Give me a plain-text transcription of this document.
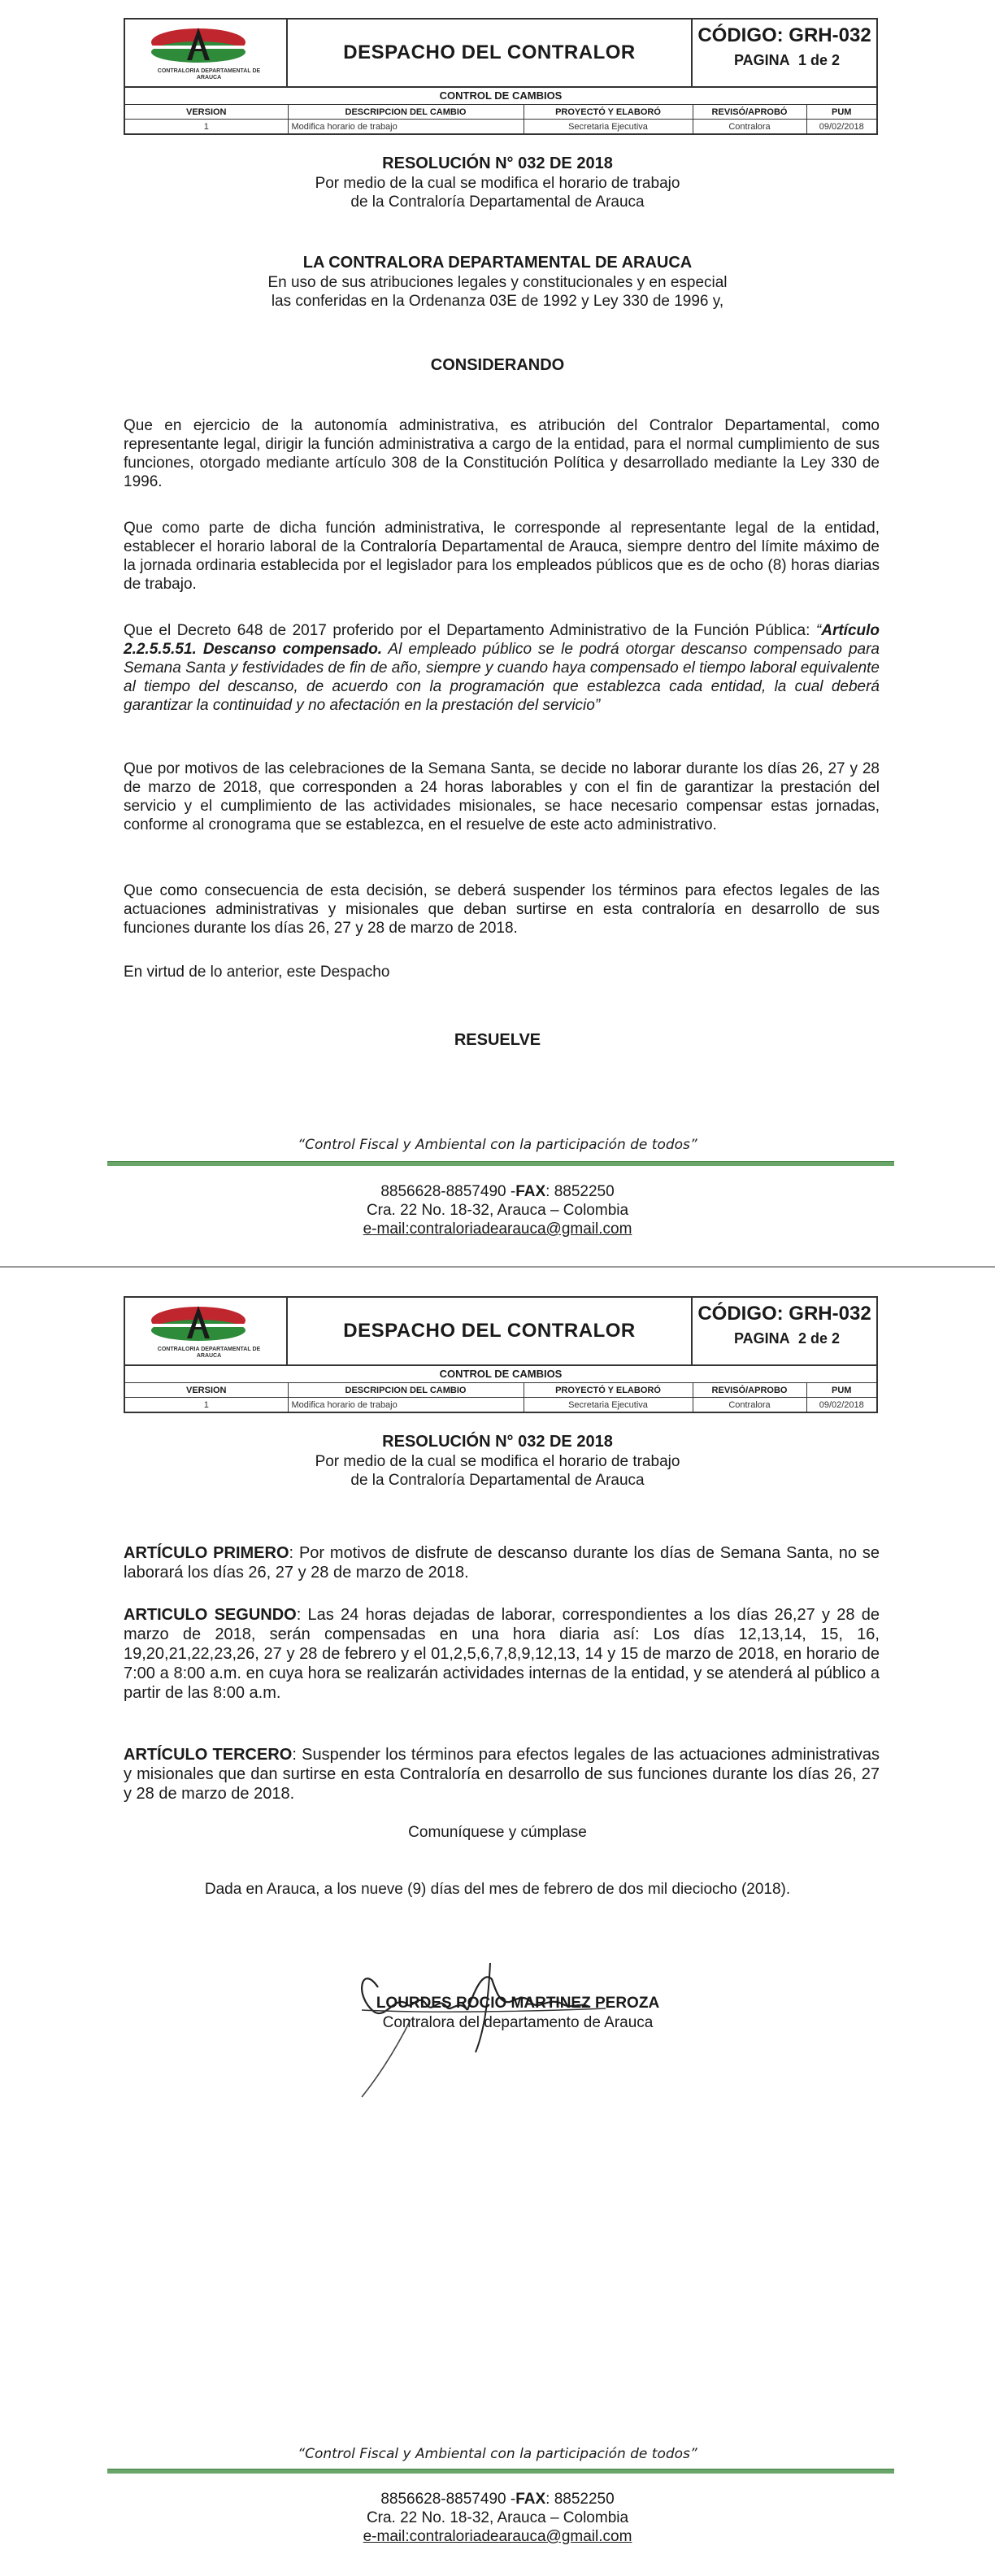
CONTRALORIA DEPARTAMENTAL DE ARAUCA
DESPACHO DEL CONTRALOR
CÓDIGO: GRH-032
PAGINA 1 de 2
CONTROL DE CAMBIOS
VERSION	DESCRIPCION DEL CAMBIO	PROYECTÓ Y ELABORÓ	REVISÓ/APROBÓ	PUM
1	Modifica horario de trabajo	Secretaria Ejecutiva	Contralora	09/02/2018
RESOLUCIÓN N° 032 DE 2018
Por medio de la cual se modifica el horario de trabajo
de la Contraloría Departamental de Arauca
LA CONTRALORA DEPARTAMENTAL DE ARAUCA
En uso de sus atribuciones legales y constitucionales y en especial
las conferidas en la Ordenanza 03E de 1992 y Ley 330 de 1996 y,
CONSIDERANDO
Que en ejercicio de la autonomía administrativa, es atribución del Contralor Departamental, como representante legal, dirigir la función administrativa a cargo de la entidad, para el normal cumplimiento de sus funciones, otorgado mediante artículo 308 de la Constitución Política y desarrollado mediante la Ley 330 de 1996.
Que como parte de dicha función administrativa, le corresponde al representante legal de la entidad, establecer el horario laboral de la Contraloría Departamental de Arauca, siempre dentro del límite máximo de la jornada ordinaria establecida por el legislador para los empleados públicos que es de ocho (8) horas diarias de trabajo.
Que el Decreto 648 de 2017 proferido por el Departamento Administrativo de la Función Pública: “Artículo 2.2.5.5.51. Descanso compensado. Al empleado público se le podrá otorgar descanso compensado para Semana Santa y festividades de fin de año, siempre y cuando haya compensado el tiempo laboral equivalente al tiempo del descanso, de acuerdo con la programación que establezca cada entidad, la cual deberá garantizar la continuidad y no afectación en la prestación del servicio”
Que por motivos de las celebraciones de la Semana Santa, se decide no laborar durante los días 26, 27 y 28 de marzo de 2018, que corresponden a 24 horas laborables y con el fin de garantizar la prestación del servicio y el cumplimiento de las actividades misionales, se hace necesario compensar estas jornadas, conforme al cronograma que se establezca, en el resuelve de este acto administrativo.
Que como consecuencia de esta decisión, se deberá suspender los términos para efectos legales de las actuaciones administrativas y misionales que deban surtirse en esta contraloría en desarrollo de sus funciones durante los días 26, 27 y 28 de marzo de 2018.
En virtud de lo anterior, este Despacho
RESUELVE
“Control Fiscal y Ambiental con la participación de todos”
8856628-8857490 -FAX: 8852250
Cra. 22 No. 18-32, Arauca – Colombia
e-mail:contraloriadearauca@gmail.com
CONTRALORIA DEPARTAMENTAL DE ARAUCA
DESPACHO DEL CONTRALOR
CÓDIGO: GRH-032
PAGINA 2 de 2
CONTROL DE CAMBIOS
VERSION	DESCRIPCION DEL CAMBIO	PROYECTÓ Y ELABORÓ	REVISÓ/APROBO	PUM
1	Modifica horario de trabajo	Secretaria Ejecutiva	Contralora	09/02/2018
RESOLUCIÓN N° 032 DE 2018
Por medio de la cual se modifica el horario de trabajo
de la Contraloría Departamental de Arauca
ARTÍCULO PRIMERO: Por motivos de disfrute de descanso durante los días de Semana Santa, no se laborará los días 26, 27 y 28 de marzo de 2018.
ARTICULO SEGUNDO: Las 24 horas dejadas de laborar, correspondientes a los días 26,27 y 28 de marzo de 2018, serán compensadas en una hora diaria así: Los días 12,13,14, 15, 16, 19,20,21,22,23,26, 27 y 28 de febrero y el 01,2,5,6,7,8,9,12,13, 14 y 15 de marzo de 2018, en horario de 7:00 a 8:00 a.m. en cuya hora se realizarán actividades internas de la entidad, y se atenderá al público a partir de las 8:00 a.m.
ARTÍCULO TERCERO: Suspender los términos para efectos legales de las actuaciones administrativas y misionales que dan surtirse en esta Contraloría en desarrollo de sus funciones durante los días 26, 27 y 28 de marzo de 2018.
Comuníquese y cúmplase
Dada en Arauca, a los nueve (9) días del mes de febrero de dos mil dieciocho (2018).
LOURDES ROCIO MARTINEZ PEROZA
Contralora del departamento de Arauca
“Control Fiscal y Ambiental con la participación de todos”
8856628-8857490 -FAX: 8852250
Cra. 22 No. 18-32, Arauca – Colombia
e-mail:contraloriadearauca@gmail.com
